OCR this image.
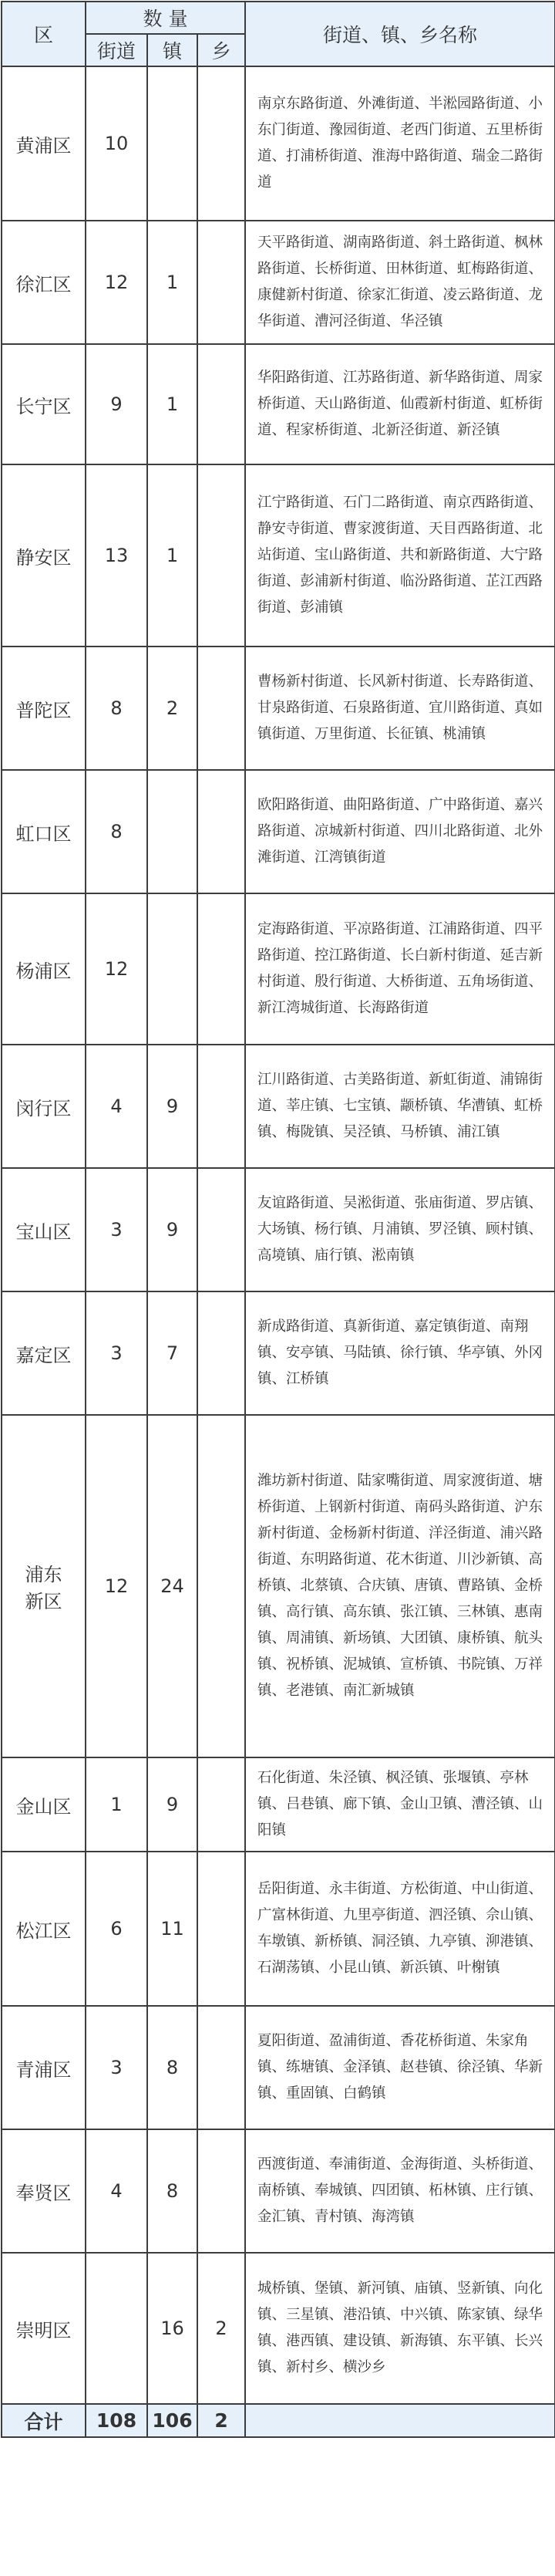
区	数 量			街道、镇、乡名称
	街道	镇	乡	
黄浦区	10			南京东路街道、外滩街道、半淞园路街道、小东门街道、豫园街道、老西门街道、五里桥街道、打浦桥街道、淮海中路街道、瑞金二路街道
徐汇区	12	1		天平路街道、湖南路街道、斜土路街道、枫林路街道、长桥街道、田林街道、虹梅路街道、康健新村街道、徐家汇街道、凌云路街道、龙华街道、漕河泾街道、华泾镇
长宁区	9	1		华阳路街道、江苏路街道、新华路街道、周家桥街道、天山路街道、仙霞新村街道、虹桥街道、程家桥街道、北新泾街道、新泾镇
静安区	13	1		江宁路街道、石门二路街道、南京西路街道、静安寺街道、曹家渡街道、天目西路街道、北站街道、宝山路街道、共和新路街道、大宁路街道、彭浦新村街道、临汾路街道、芷江西路街道、彭浦镇
普陀区	8	2		曹杨新村街道、长风新村街道、长寿路街道、甘泉路街道、石泉路街道、宜川路街道、真如镇街道、万里街道、长征镇、桃浦镇
虹口区	8			欧阳路街道、曲阳路街道、广中路街道、嘉兴路街道、凉城新村街道、四川北路街道、北外滩街道、江湾镇街道
杨浦区	12			定海路街道、平凉路街道、江浦路街道、四平路街道、控江路街道、长白新村街道、延吉新村街道、殷行街道、大桥街道、五角场街道、新江湾城街道、长海路街道
闵行区	4	9		江川路街道、古美路街道、新虹街道、浦锦街道、莘庄镇、七宝镇、颛桥镇、华漕镇、虹桥镇、梅陇镇、吴泾镇、马桥镇、浦江镇
宝山区	3	9		友谊路街道、吴淞街道、张庙街道、罗店镇、大场镇、杨行镇、月浦镇、罗泾镇、顾村镇、高境镇、庙行镇、淞南镇
嘉定区	3	7		新成路街道、真新街道、嘉定镇街道、南翔镇、安亭镇、马陆镇、徐行镇、华亭镇、外冈镇、江桥镇
浦东新区	12	24		潍坊新村街道、陆家嘴街道、周家渡街道、塘桥街道、上钢新村街道、南码头路街道、沪东新村街道、金杨新村街道、洋泾街道、浦兴路街道、东明路街道、花木街道、川沙新镇、高桥镇、北蔡镇、合庆镇、唐镇、曹路镇、金桥镇、高行镇、高东镇、张江镇、三林镇、惠南镇、周浦镇、新场镇、大团镇、康桥镇、航头镇、祝桥镇、泥城镇、宣桥镇、书院镇、万祥镇、老港镇、南汇新城镇
金山区	1	9		石化街道、朱泾镇、枫泾镇、张堰镇、亭林镇、吕巷镇、廊下镇、金山卫镇、漕泾镇、山阳镇
松江区	6	11		岳阳街道、永丰街道、方松街道、中山街道、广富林街道、九里亭街道、泗泾镇、佘山镇、车墩镇、新桥镇、洞泾镇、九亭镇、泖港镇、石湖荡镇、小昆山镇、新浜镇、叶榭镇
青浦区	3	8		夏阳街道、盈浦街道、香花桥街道、朱家角镇、练塘镇、金泽镇、赵巷镇、徐泾镇、华新镇、重固镇、白鹤镇
奉贤区	4	8		西渡街道、奉浦街道、金海街道、头桥街道、南桥镇、奉城镇、四团镇、柘林镇、庄行镇、金汇镇、青村镇、海湾镇
崇明区		16	2	城桥镇、堡镇、新河镇、庙镇、竖新镇、向化镇、三星镇、港沿镇、中兴镇、陈家镇、绿华镇、港西镇、建设镇、新海镇、东平镇、长兴镇、新村乡、横沙乡
合计	108	106	2	
